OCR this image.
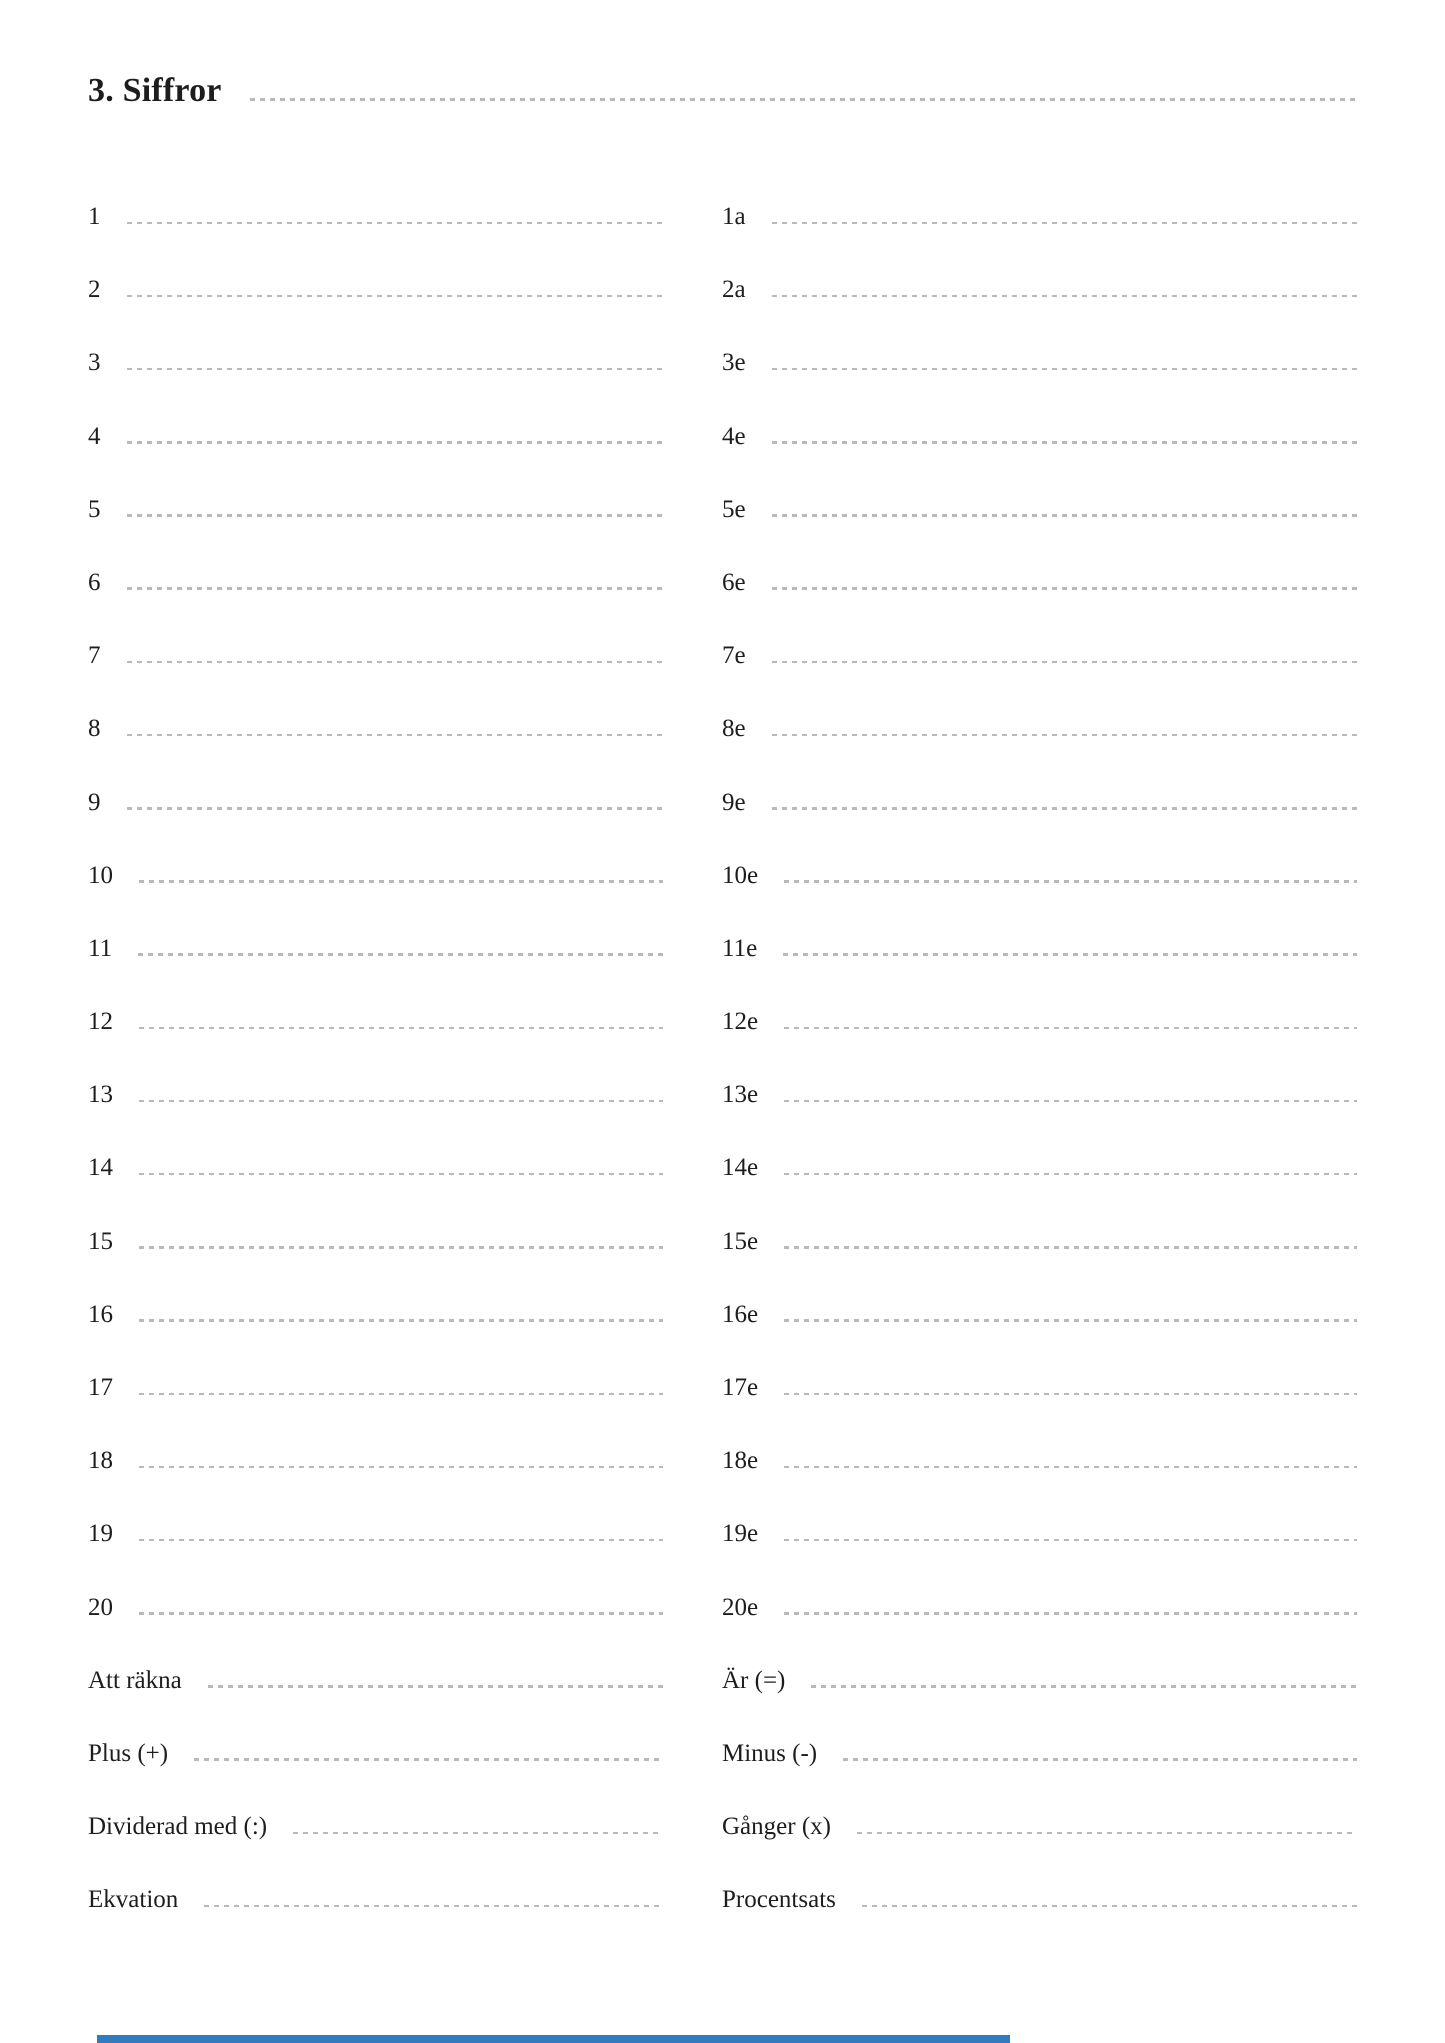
3. Siffror
1
2
3
4
5
6
7
8
9
10
11
12
13
14
15
16
17
18
19
20
Att räkna
Plus (+)
Dividerad med (:)
Ekvation
1a
2a
3e
4e
5e
6e
7e
8e
9e
10e
11e
12e
13e
14e
15e
16e
17e
18e
19e
20e
Är (=)
Minus (-)
Gånger (x)
Procentsats
